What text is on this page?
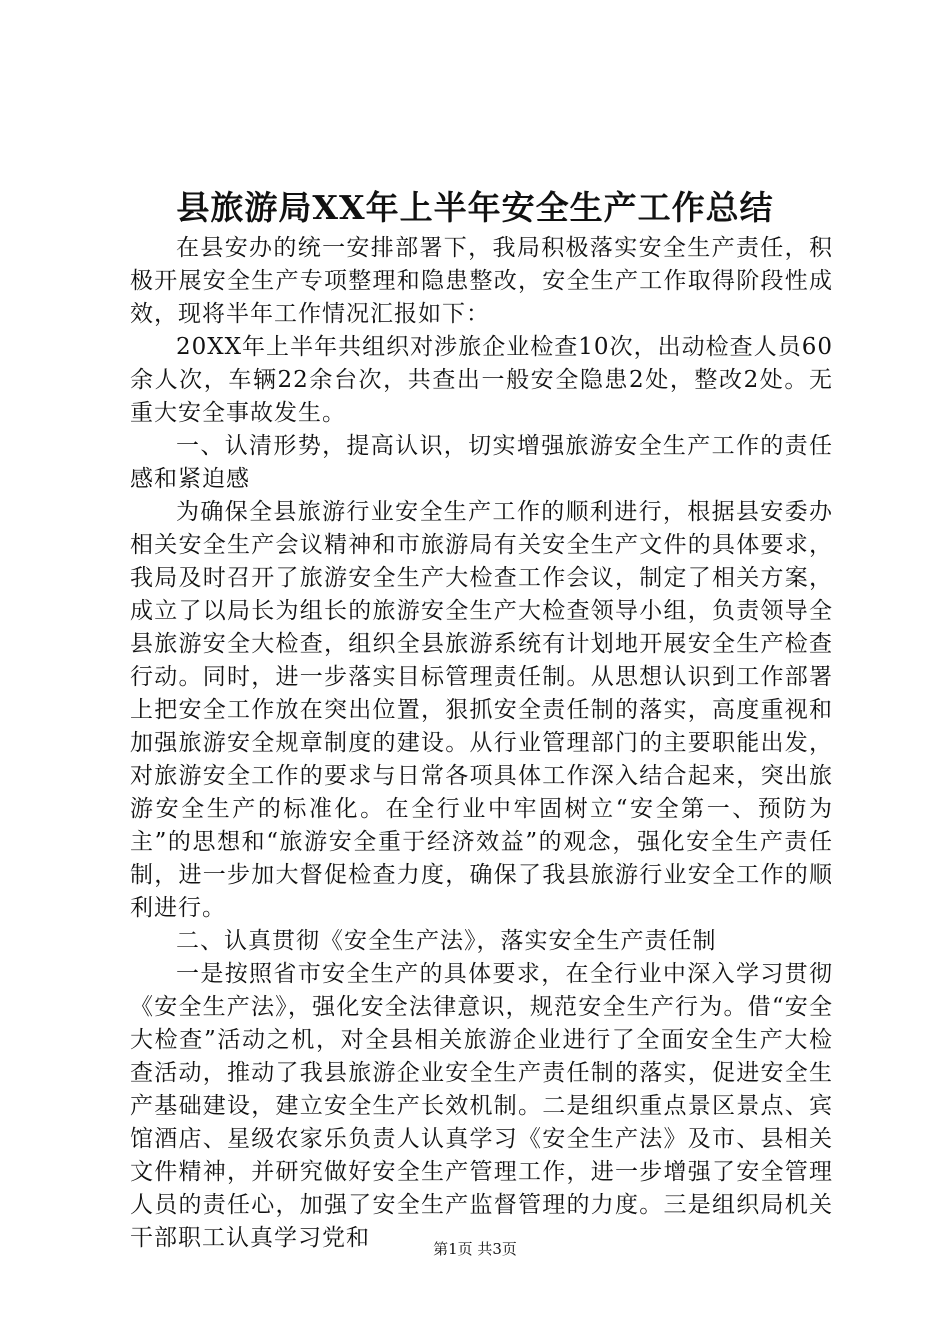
县旅游局XX年上半年安全生产工作总结

在县安办的统一安排部署下，我局积极落实安全生产责任，积极开展安全生产专项整理和隐患整改，安全生产工作取得阶段性成效，现将半年工作情况汇报如下：

20XX年上半年共组织对涉旅企业检查10次，出动检查人员60余人次，车辆22余台次，共查出一般安全隐患2处，整改2处。无重大安全事故发生。

一、认清形势，提高认识，切实增强旅游安全生产工作的责任感和紧迫感

为确保全县旅游行业安全生产工作的顺利进行，根据县安委办相关安全生产会议精神和市旅游局有关安全生产文件的具体要求，我局及时召开了旅游安全生产大检查工作会议，制定了相关方案，成立了以局长为组长的旅游安全生产大检查领导小组，负责领导全县旅游安全大检查，组织全县旅游系统有计划地开展安全生产检查行动。同时，进一步落实目标管理责任制。从思想认识到工作部署上把安全工作放在突出位置，狠抓安全责任制的落实，高度重视和加强旅游安全规章制度的建设。从行业管理部门的主要职能出发，对旅游安全工作的要求与日常各项具体工作深入结合起来，突出旅游安全生产的标准化。在全行业中牢固树立“安全第一、预防为主”的思想和“旅游安全重于经济效益”的观念，强化安全生产责任制，进一步加大督促检查力度，确保了我县旅游行业安全工作的顺利进行。

二、认真贯彻《安全生产法》，落实安全生产责任制

一是按照省市安全生产的具体要求，在全行业中深入学习贯彻《安全生产法》，强化安全法律意识，规范安全生产行为。借“安全大检查”活动之机，对全县相关旅游企业进行了全面安全生产大检查活动，推动了我县旅游企业安全生产责任制的落实，促进安全生产基础建设，建立安全生产长效机制。二是组织重点景区景点、宾馆酒店、星级农家乐负责人认真学习《安全生产法》及市、县相关文件精神，并研究做好安全生产管理工作，进一步增强了安全管理人员的责任心，加强了安全生产监督管理的力度。三是组织局机关干部职工认真学习党和	第1页 共3页
